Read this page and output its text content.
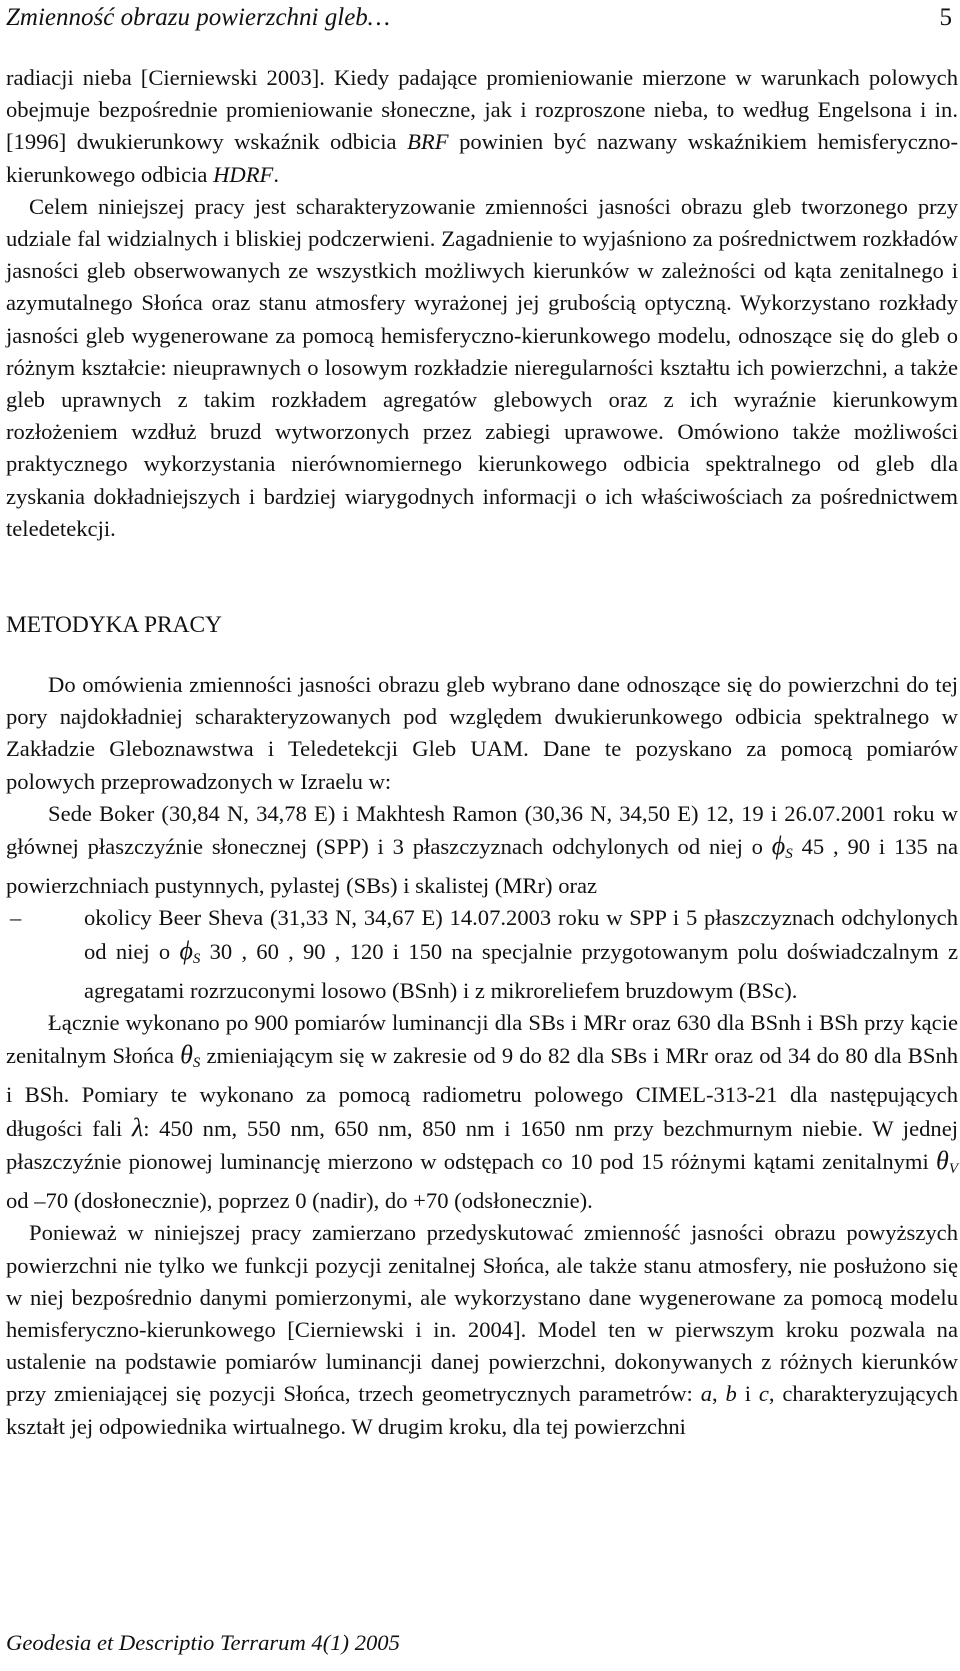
Zmienność obrazu powierzchni gleb…	5

radiacji nieba [Cierniewski 2003]. Kiedy padające promieniowanie mierzone w warunkach polowych obejmuje bezpośrednie promieniowanie słoneczne, jak i rozproszone nieba, to według Engelsona i in. [1996] dwukierunkowy wskaźnik odbicia BRF powinien być nazwany wskaźnikiem hemisferyczno-kierunkowego odbicia HDRF.

Celem niniejszej pracy jest scharakteryzowanie zmienności jasności obrazu gleb tworzonego przy udziale fal widzialnych i bliskiej podczerwieni. Zagadnienie to wyjaśniono za pośrednictwem rozkładów jasności gleb obserwowanych ze wszystkich możliwych kierunków w zależności od kąta zenitalnego i azymutalnego Słońca oraz stanu atmosfery wyrażonej jej grubością optyczną. Wykorzystano rozkłady jasności gleb wygenerowane za pomocą hemisferyczno-kierunkowego modelu, odnoszące się do gleb o różnym kształcie: nieuprawnych o losowym rozkładzie nieregularności kształtu ich powierzchni, a także gleb uprawnych z takim rozkładem agregatów glebowych oraz z ich wyraźnie kierunkowym rozłożeniem wzdłuż bruzd wytworzonych przez zabiegi uprawowe. Omówiono także możliwości praktycznego wykorzystania nierównomiernego kierunkowego odbicia spektralnego od gleb dla zyskania dokładniejszych i bardziej wiarygodnych informacji o ich właściwościach za pośrednictwem teledetekcji.

METODYKA PRACY

Do omówienia zmienności jasności obrazu gleb wybrano dane odnoszące się do powierzchni do tej pory najdokładniej scharakteryzowanych pod względem dwukierunkowego odbicia spektralnego w Zakładzie Gleboznawstwa i Teledetekcji Gleb UAM. Dane te pozyskano za pomocą pomiarów polowych przeprowadzonych w Izraelu w:

Sede Boker (30,84 N, 34,78 E) i Makhtesh Ramon (30,36 N, 34,50 E) 12, 19 i 26.07.2001 roku w głównej płaszczyźnie słonecznej (SPP) i 3 płaszczyznach odchylonych od niej o $\phi_S$ 45 , 90 i 135 na powierzchniach pustynnych, pylastej (SBs) i skalistej (MRr) oraz

–	okolicy Beer Sheva (31,33 N, 34,67 E) 14.07.2003 roku w SPP i 5 płaszczyznach odchylonych od niej o $\phi_S$ 30 , 60 , 90 , 120 i 150 na specjalnie przygotowanym polu doświadczalnym z agregatami rozrzuconymi losowo (BSnh) i z mikroreliefem bruzdowym (BSc).

Łącznie wykonano po 900 pomiarów luminancji dla SBs i MRr oraz 630 dla BSnh i BSh przy kącie zenitalnym Słońca $\theta_S$ zmieniającym się w zakresie od 9 do 82 dla SBs i MRr oraz od 34 do 80 dla BSnh i BSh. Pomiary te wykonano za pomocą radiometru polowego CIMEL-313-21 dla następujących długości fali λ: 450 nm, 550 nm, 650 nm, 850 nm i 1650 nm przy bezchmurnym niebie. W jednej płaszczyźnie pionowej luminancję mierzono w odstępach co 10 pod 15 różnymi kątami zenitalnymi $\theta_V$ od –70 (dosłonecznie), poprzez 0 (nadir), do +70 (odsłonecznie).

Ponieważ w niniejszej pracy zamierzano przedyskutować zmienność jasności obrazu powyższych powierzchni nie tylko we funkcji pozycji zenitalnej Słońca, ale także stanu atmosfery, nie posłużono się w niej bezpośrednio danymi pomierzonymi, ale wykorzystano dane wygenerowane za pomocą modelu hemisferyczno-kierunkowego [Cierniewski i in. 2004]. Model ten w pierwszym kroku pozwala na ustalenie na podstawie pomiarów luminancji danej powierzchni, dokonywanych z różnych kierunków przy zmieniającej się pozycji Słońca, trzech geometrycznych parametrów: a, b i c, charakteryzujących kształt jej odpowiednika wirtualnego. W drugim kroku, dla tej powierzchni

Geodesia et Descriptio Terrarum 4(1) 2005
